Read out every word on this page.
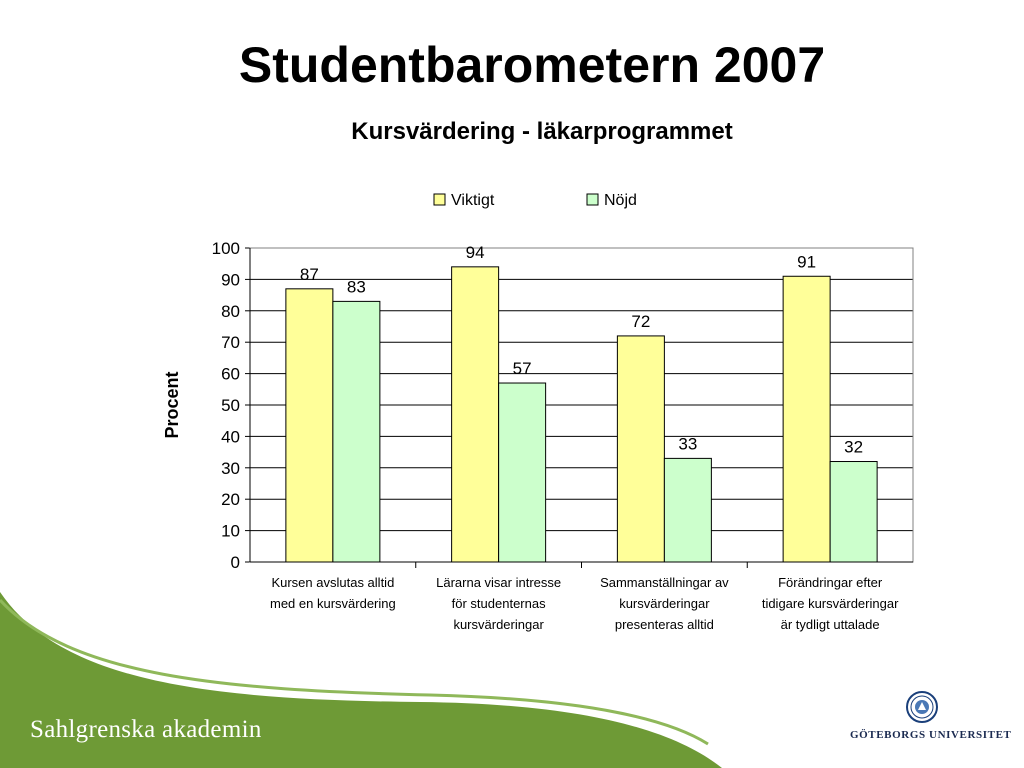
Studentbarometern 2007
Kursvärdering - läkarprogrammet
Viktigt	Nöjd
Procent
0
10
20
30
40
50
60
70
80
90
100
87
83
Kursen avslutas alltid
med en kursvärdering
94
57
Lärarna visar intresse
för studenternas
kursvärderingar
72
33
Sammanställningar av
kursvärderingar
presenteras alltid
91
32
Förändringar efter
tidigare kursvärderingar
är tydligt uttalade
Sahlgrenska akademin	GÖTEBORGS UNIVERSITET
